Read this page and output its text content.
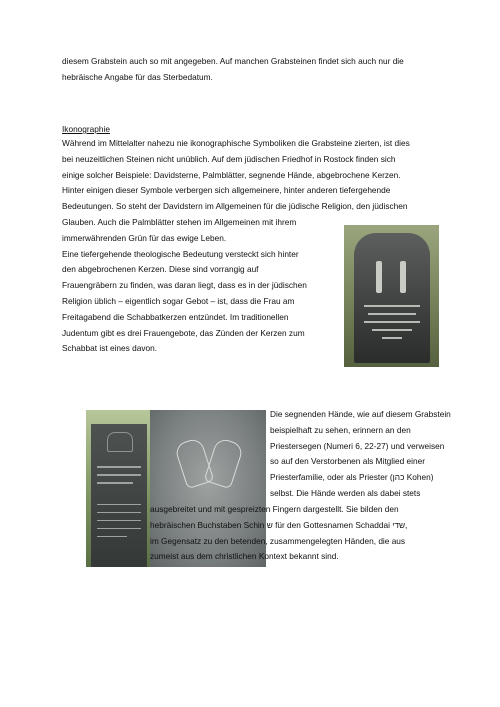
diesem Grabstein auch so mit angegeben. Auf manchen Grabsteinen findet sich auch nur die
hebräische Angabe für das Sterbedatum.
Ikonographie
Während im Mittelalter nahezu nie ikonographische Symboliken die Grabsteine zierten, ist dies
bei neuzeitlichen Steinen nicht unüblich. Auf dem jüdischen Friedhof in Rostock finden sich
einige solcher Beispiele: Davidsterne, Palmblätter, segnende Hände, abgebrochene Kerzen.
Hinter einigen dieser Symbole verbergen sich allgemeinere, hinter anderen tiefergehende
Bedeutungen. So steht der Davidstern im Allgemeinen für die jüdische Religion, den jüdischen
Glauben. Auch die Palmblätter stehen im Allgemeinen mit ihrem
immerwährenden Grün für das ewige Leben.
Eine tiefergehende theologische Bedeutung versteckt sich hinter
den abgebrochenen Kerzen. Diese sind vorrangig auf
Frauengräbern zu finden, was daran liegt, dass es in der jüdischen
Religion üblich – eigentlich sogar Gebot – ist, dass die Frau am
Freitagabend die Schabbatkerzen entzündet. Im traditionellen
Judentum gibt es drei Frauengebote, das Zünden der Kerzen zum
Schabbat ist eines davon.
Die segnenden Hände, wie auf diesem Grabstein
beispielhaft zu sehen, erinnern an den
Priestersegen (Numeri 6, 22-27) und verweisen
so auf den Verstorbenen als Mitglied einer
Priesterfamilie, oder als Priester (כהן Kohen)
selbst. Die Hände werden als dabei stets
ausgebreitet und mit gespreizten Fingern dargestellt. Sie bilden den
hebräischen Buchstaben Schin ש für den Gottesnamen Schaddai שדי,
im Gegensatz zu den betenden, zusammengelegten Händen, die aus
zumeist aus dem christlichen Kontext bekannt sind.
